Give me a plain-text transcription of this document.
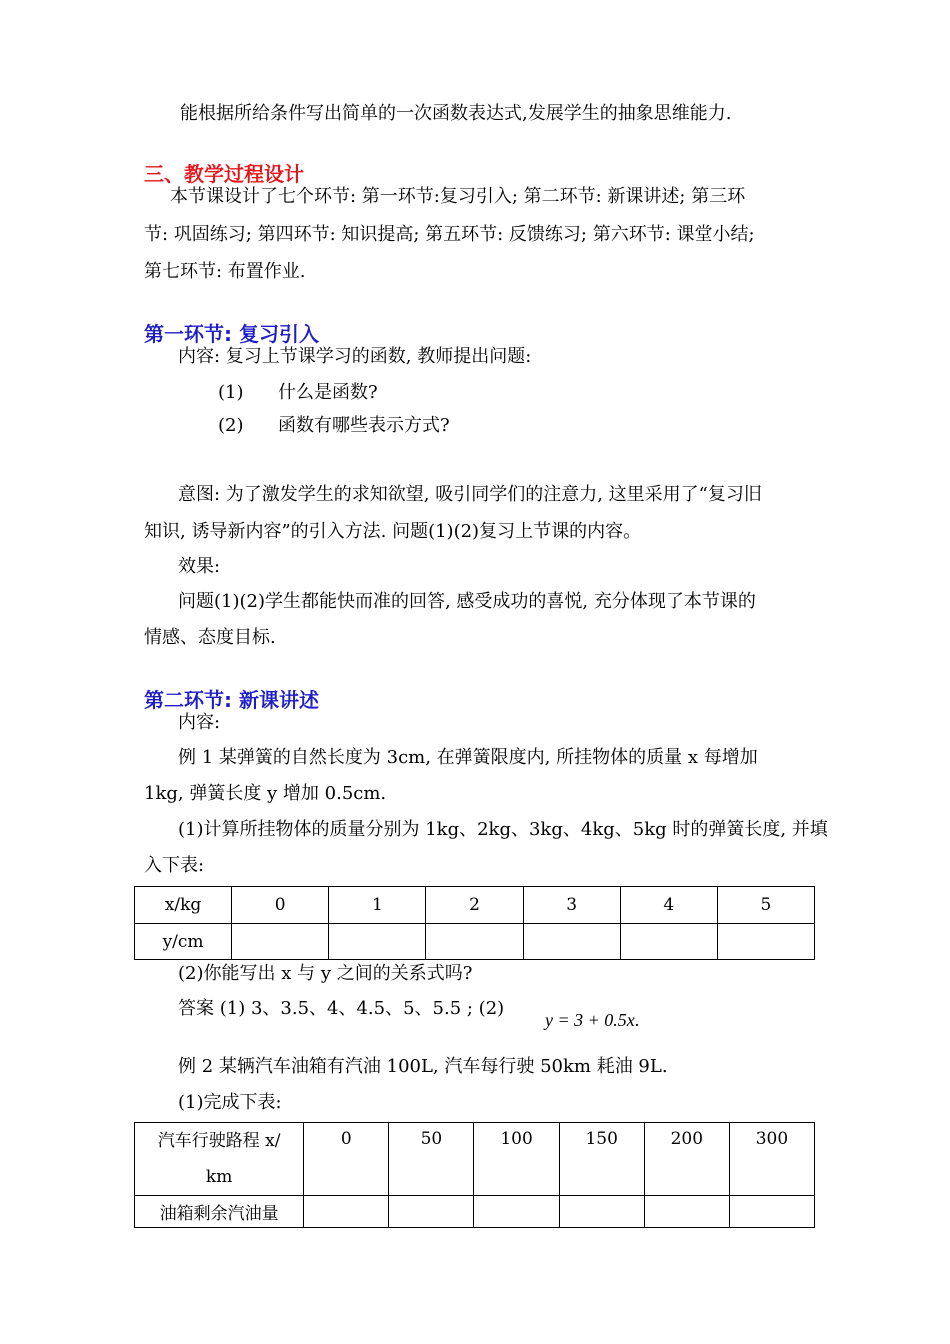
能根据所给条件写出简单的一次函数表达式,发展学生的抽象思维能力.
三、教学过程设计
本节课设计了七个环节: 第一环节:复习引入; 第二环节: 新课讲述; 第三环
节: 巩固练习; 第四环节: 知识提高; 第五环节: 反馈练习; 第六环节: 课堂小结;
第七环节: 布置作业.
第一环节: 复习引入
内容: 复习上节课学习的函数, 教师提出问题:
(1) 什么是函数?
(2) 函数有哪些表示方式?
意图: 为了激发学生的求知欲望, 吸引同学们的注意力, 这里采用了“复习旧
知识, 诱导新内容”的引入方法. 问题(1)(2)复习上节课的内容。
效果:
问题(1)(2)学生都能快而准的回答, 感受成功的喜悦, 充分体现了本节课的
情感、态度目标.
第二环节: 新课讲述
内容:
例 1 某弹簧的自然长度为 3cm, 在弹簧限度内, 所挂物体的质量 x 每增加
1kg, 弹簧长度 y 增加 0.5cm.
(1)计算所挂物体的质量分别为 1kg、2kg、3kg、4kg、5kg 时的弹簧长度, 并填
入下表:
x/kg	0	1	2	3	4	5
y/cm						
(2)你能写出 x 与 y 之间的关系式吗?
答案 (1) 3、3.5、4、4.5、5、5.5 ; (2)
y = 3 + 0.5x.
例 2 某辆汽车油箱有汽油 100L, 汽车每行驶 50km 耗油 9L.
(1)完成下表:
汽车行驶路程 x/
km	0	50	100	150	200	300
油箱剩余汽油量						
